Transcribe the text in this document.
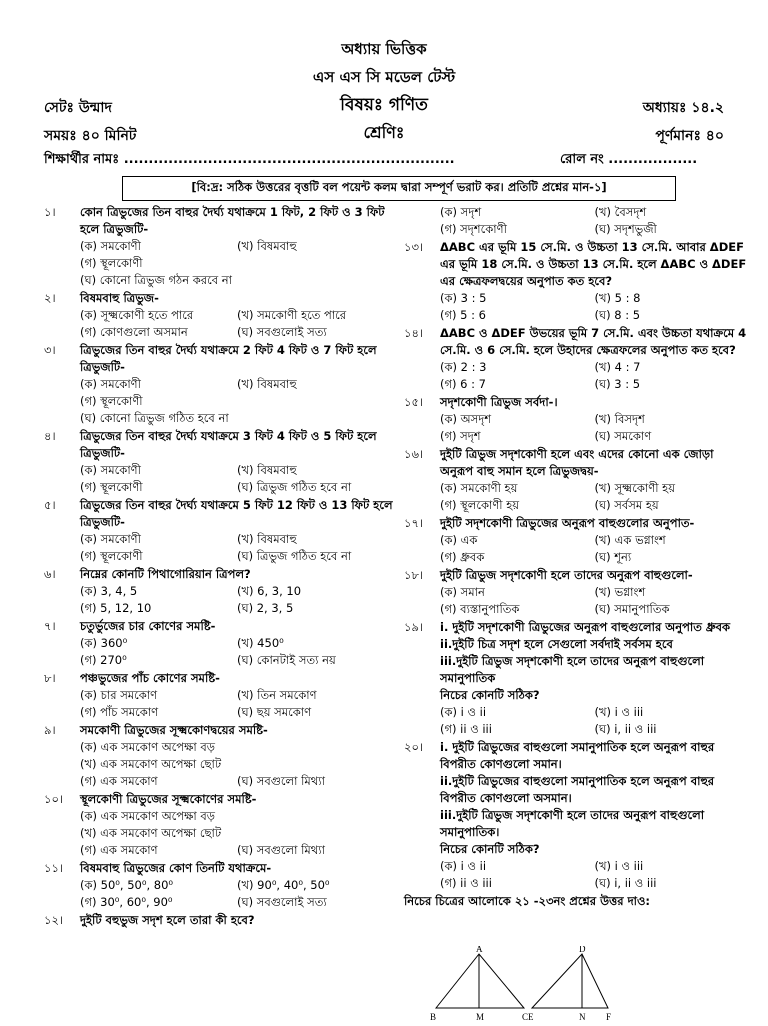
অধ্যায় ভিত্তিক
এস এস সি মডেল টেস্ট
সেটঃ উন্মাদ	বিষয়ঃ গণিত	অধ্যায়ঃ ১৪.২
সময়ঃ ৪০ মিনিট	শ্রেণিঃ	পূর্ণমানঃ ৪০
শিক্ষার্থীর নামঃ ...................................................................	রোল নং ..................
[বি:দ্র: সঠিক উত্তরের বৃত্তটি বল পয়েন্ট কলম দ্বারা সম্পূর্ণ ভরাট কর। প্রতিটি প্রশ্নের মান-১]
১।	কোন ত্রিভুজের তিন বাহুর দৈর্ঘ্য যথাক্রমে 1 ফিট, 2 ফিট ও 3 ফিট হলে ত্রিভুজটি-
(ক) সমকোণী	(খ) বিষমবাহু
(গ) স্থূলকোণী
(ঘ) কোনো ত্রিভুজ গঠন করবে না
২।	বিষমবাহু ত্রিভুজ-
(ক) সূক্ষ্মকোণী হতে পারে	(খ) সমকোণী হতে পারে
(গ) কোণগুলো অসমান	(ঘ) সবগুলোই সত্য
৩।	ত্রিভুজের তিন বাহুর দৈর্ঘ্য যথাক্রমে 2 ফিট 4 ফিট ও 7 ফিট হলে ত্রিভুজটি-
(ক) সমকোণী	(খ) বিষমবাহু
(গ) স্থূলকোণী
(ঘ) কোনো ত্রিভুজ গঠিত হবে না
৪।	ত্রিভুজের তিন বাহুর দৈর্ঘ্য যথাক্রমে 3 ফিট 4 ফিট ও 5 ফিট হলে ত্রিভুজটি-
(ক) সমকোণী	(খ) বিষমবাহু
(গ) স্থূলকোণী	(ঘ) ত্রিভুজ গঠিত হবে না
৫।	ত্রিভুজের তিন বাহুর দৈর্ঘ্য যথাক্রমে 5 ফিট 12 ফিট ও 13 ফিট হলে ত্রিভুজটি-
(ক) সমকোণী	(খ) বিষমবাহু
(গ) স্থূলকোণী	(ঘ) ত্রিভুজ গঠিত হবে না
৬।	নিম্নের কোনটি পিথাগোরিয়ান ত্রিপল?
(ক) 3, 4, 5	(খ) 6, 3, 10
(গ) 5, 12, 10	(ঘ) 2, 3, 5
৭।	চতুর্ভুজের চার কোণের সমষ্টি-
(ক) 360⁰	(খ) 450⁰
(গ) 270⁰	(ঘ) কোনটাই সত্য নয়
৮।	পঞ্চভুজের পাঁচ কোণের সমষ্টি-
(ক) চার সমকোণ	(খ) তিন সমকোণ
(গ) পাঁচ সমকোণ	(ঘ) ছয় সমকোণ
৯।	সমকোণী ত্রিভুজের সূক্ষ্মকোণদ্বয়ের সমষ্টি-
(ক) এক সমকোণ অপেক্ষা বড়
(খ) এক সমকোণ অপেক্ষা ছোট
(গ) এক সমকোণ	(ঘ) সবগুলো মিথ্যা
১০।	স্থূলকোণী ত্রিভুজের সূক্ষ্মকোণের সমষ্টি-
(ক) এক সমকোণ অপেক্ষা বড়
(খ) এক সমকোণ অপেক্ষা ছোট
(গ) এক সমকোণ	(ঘ) সবগুলো মিথ্যা
১১।	বিষমবাহু ত্রিভুজের কোণ তিনটি যথাক্রমে-
(ক) 50⁰, 50⁰, 80⁰	(খ) 90⁰, 40⁰, 50⁰
(গ) 30⁰, 60⁰, 90⁰	(ঘ) সবগুলোই সত্য
১২।	দুইটি বহুভুজ সদৃশ হলে তারা কী হবে?
(ক) সদৃশ	(খ) বৈসদৃশ
(গ) সদৃশকোণী	(ঘ) সদৃশভুজী
১৩।	ΔABC এর ভূমি 15 সে.মি. ও উচ্চতা 13 সে.মি. আবার ΔDEF এর ভূমি 18 সে.মি. ও উচ্চতা 13 সে.মি. হলে ΔABC ও ΔDEF এর ক্ষেত্রফলদ্বয়ের অনুপাত কত হবে?
(ক) 3 : 5	(খ) 5 : 8
(গ) 5 : 6	(ঘ) 8 : 5
১৪।	ΔABC ও ΔDEF উভয়ের ভূমি 7 সে.মি. এবং উচ্চতা যথাক্রমে 4 সে.মি. ও 6 সে.মি. হলে উহাদের ক্ষেত্রফলের অনুপাত কত হবে?
(ক) 2 : 3	(খ) 4 : 7
(গ) 6 : 7	(ঘ) 3 : 5
১৫।	সদৃশকোণী ত্রিভুজ সর্বদা-।
(ক) অসদৃশ	(খ) বিসদৃশ
(গ) সদৃশ	(ঘ) সমকোণ
১৬।	দুইটি ত্রিভুজ সদৃশকোণী হলে এবং এদের কোনো এক জোড়া অনুরূপ বাহু সমান হলে ত্রিভুজদ্বয়-
(ক) সমকোণী হয়	(খ) সূক্ষ্মকোণী হয়
(গ) স্থূলকোণী হয়	(ঘ) সর্বসম হয়
১৭।	দুইটি সদৃশকোণী ত্রিভুজের অনুরূপ বাহুগুলোর অনুপাত-
(ক) এক	(খ) এক ভগ্নাংশ
(গ) ধ্রুবক	(ঘ) শূন্য
১৮।	দুইটি ত্রিভুজ সদৃশকোণী হলে তাদের অনুরূপ বাহুগুলো-
(ক) সমান	(খ) ভগ্নাংশ
(গ) ব্যস্তানুপাতিক	(ঘ) সমানুপাতিক
১৯।	i. দুইটি সদৃশকোণী ত্রিভুজের অনুরূপ বাহুগুলোর অনুপাত ধ্রুবক
ii.দুইটি চিত্র সদৃশ হলে সেগুলো সর্বদাই সর্বসম হবে
iii.দুইটি ত্রিভুজ সদৃশকোণী হলে তাদের অনুরূপ বাহুগুলো সমানুপাতিক
নিচের কোনটি সঠিক?
(ক) i ও ii	(খ) i ও iii
(গ) ii ও iii	(ঘ) i, ii ও iii
২০।	i. দুইটি ত্রিভুজের বাহুগুলো সমানুপাতিক হলে অনুরূপ বাহুর বিপরীত কোণগুলো সমান।
ii.দুইটি ত্রিভুজের বাহুগুলো সমানুপাতিক হলে অনুরূপ বাহুর বিপরীত কোণগুলো অসমান।
iii.দুইটি ত্রিভুজ সদৃশকোণী হলে তাদের অনুরূপ বাহুগুলো সমানুপাতিক।
নিচের কোনটি সঠিক?
(ক) i ও ii	(খ) i ও iii
(গ) ii ও iii	(ঘ) i, ii ও iii
নিচের চিত্রের আলোকে ২১ -২৩নং প্রশ্নের উত্তর দাও:
A
B	M	C
D
E	N F
